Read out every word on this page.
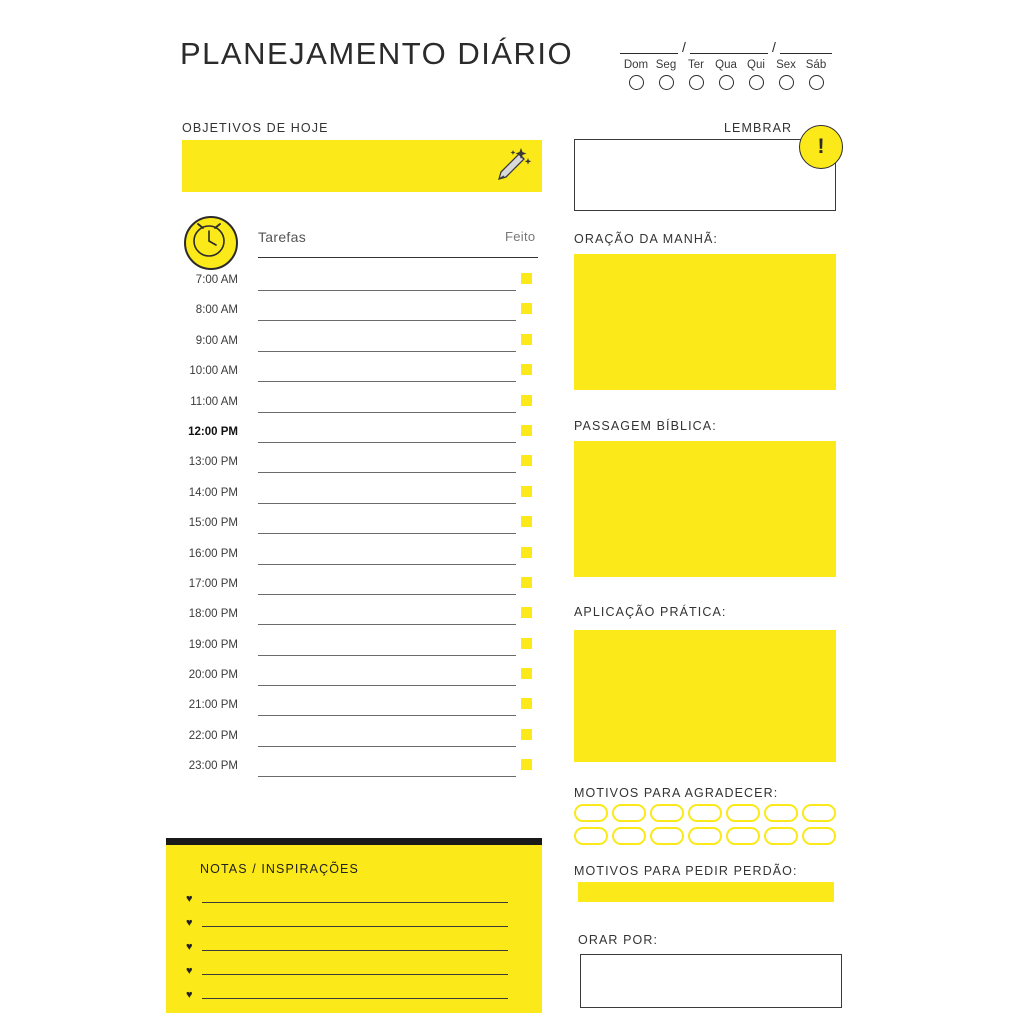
PLANEJAMENTO DIÁRIO	/	/
Dom Seg	Ter Qua Qui Sex Sáb
OBJETIVOS DE HOJE
Tarefas	Feito
7:00 AM
8:00 AM
9:00 AM
10:00 AM
11:00 AM
12:00 PM
13:00 PM
14:00 PM
15:00 PM
16:00 PM
17:00 PM
18:00 PM
19:00 PM
20:00 PM
21:00 PM
22:00 PM
23:00 PM
NOTAS / INSPIRAÇÕES
♥
♥
♥
♥
♥
LEMBRAR
!
ORAÇÃO DA MANHÃ:
PASSAGEM BÍBLICA:
APLICAÇÃO PRÁTICA:
MOTIVOS PARA AGRADECER:
MOTIVOS PARA PEDIR PERDÃO:
ORAR POR:
